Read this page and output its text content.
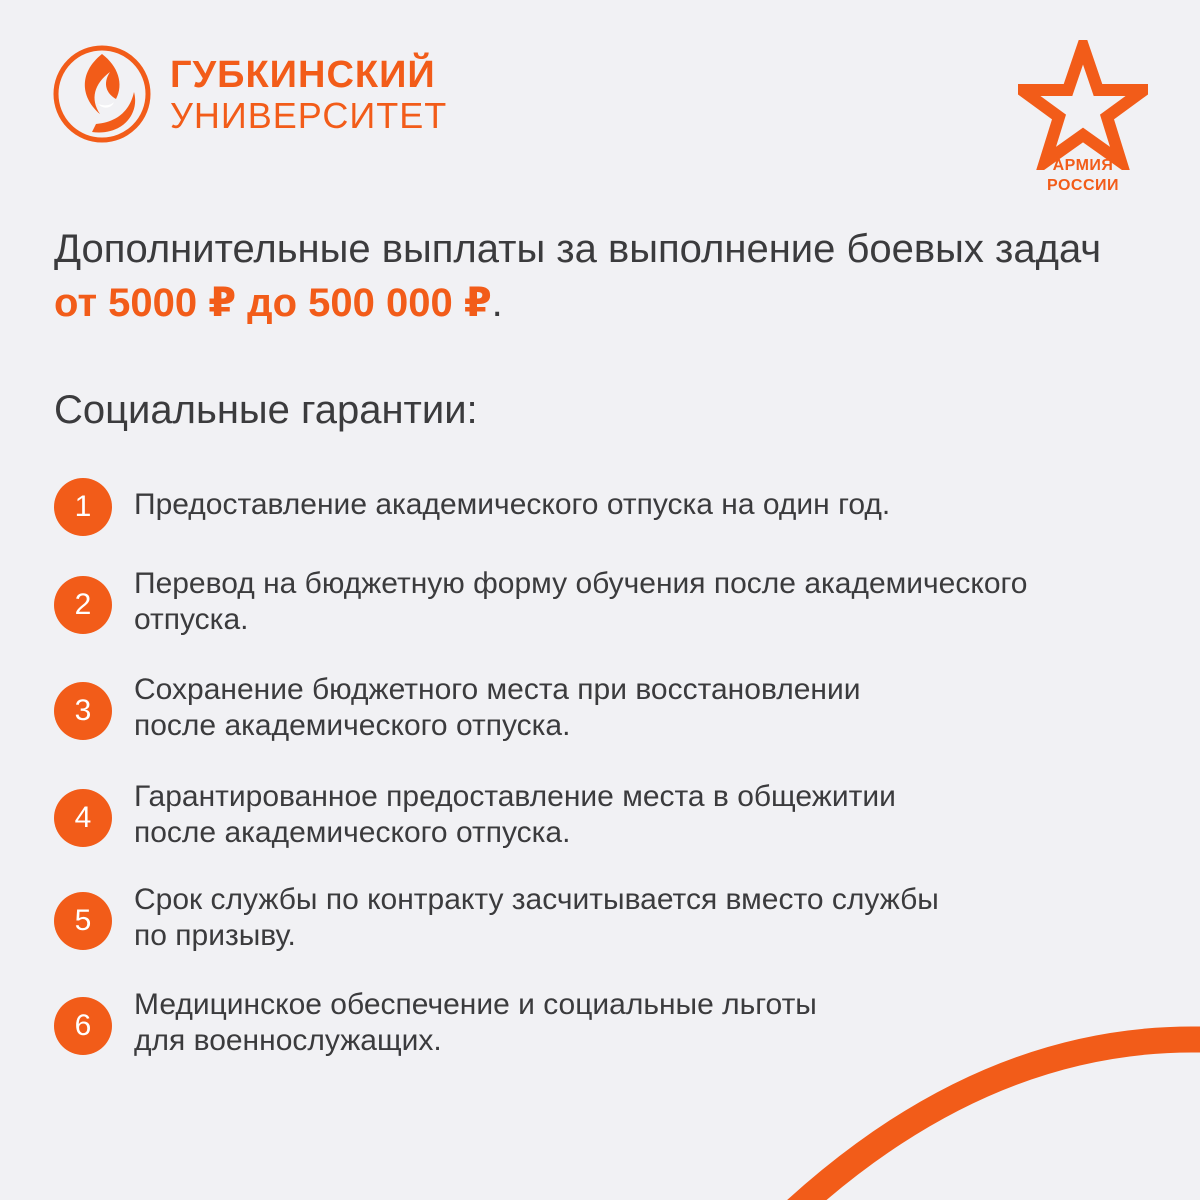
ГУБКИНСКИЙ
УНИВЕРСИТЕТ
АРМИЯ
РОССИИ
Дополнительные выплаты за выполнение боевых задач от 5000 ₽ до 500 000 ₽.
Социальные гарантии:
1	Предоставление академического отпуска на один год.
2
Перевод на бюджетную форму обучения после академического
отпуска.
3
Сохранение бюджетного места при восстановлении
после академического отпуска.
4
Гарантированное предоставление места в общежитии
после академического отпуска.
5
Срок службы по контракту засчитывается вместо службы
по призыву.
6
Медицинское обеспечение и социальные льготы
для военнослужащих.
